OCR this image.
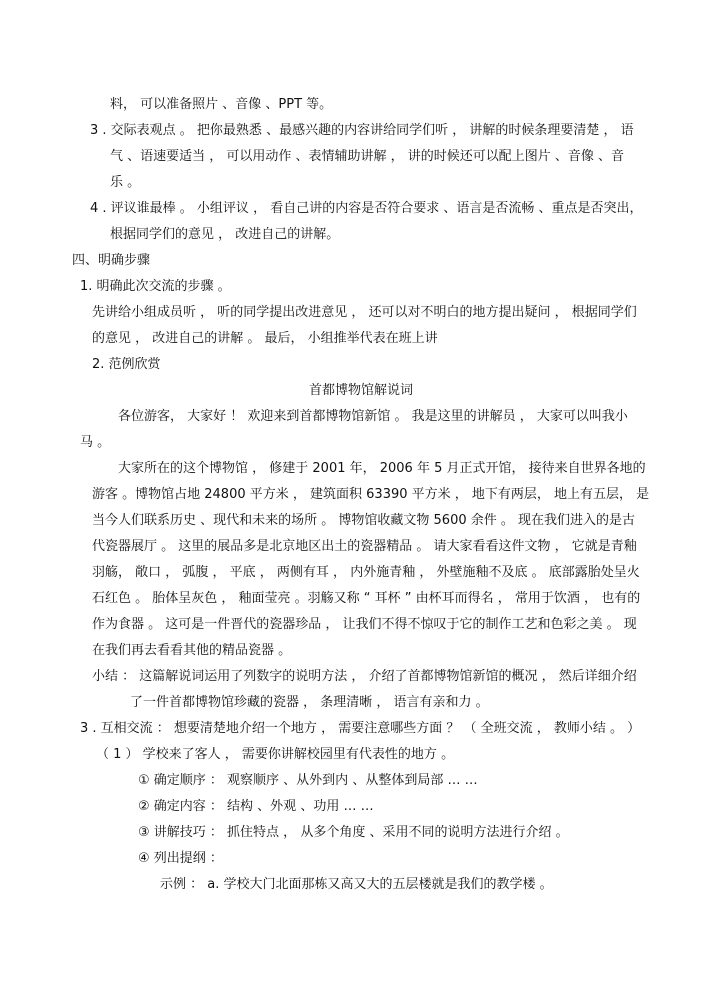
料， 可以准备照片 、音像 、PPT 等。
3 . 交际表观点 。 把你最熟悉 、最感兴趣的内容讲给同学们听 ， 讲解的时候条理要清楚 ， 语
气 、语速要适当 ， 可以用动作 、表情辅助讲解 ， 讲的时候还可以配上图片 、音像 、音
乐 。
4 . 评议谁最棒 。 小组评议 ， 看自己讲的内容是否符合要求 、语言是否流畅 、重点是否突出，
根据同学们的意见 ， 改进自己的讲解。
四、明确步骤
1. 明确此次交流的步骤 。
先讲给小组成员听 ， 听的同学提出改进意见 ， 还可以对不明白的地方提出疑问 ， 根据同学们
的意见 ， 改进自己的讲解 。 最后， 小组推举代表在班上讲
2. 范例欣赏
首都博物馆解说词
各位游客， 大家好 ！ 欢迎来到首都博物馆新馆 。 我是这里的讲解员 ， 大家可以叫我小
马 。
大家所在的这个博物馆 ， 修建于 2001 年， 2006 年 5 月正式开馆， 接待来自世界各地的
游客 。博物馆占地 24800 平方米 ， 建筑面积 63390 平方米 ， 地下有两层， 地上有五层， 是
当今人们联系历史 、现代和未来的场所 。 博物馆收藏文物 5600 余件 。 现在我们进入的是古
代瓷器展厅 。 这里的展品多是北京地区出土的瓷器精品 。 请大家看看这件文物 ， 它就是青釉
羽觞， 敞口 ， 弧腹 ， 平底 ， 两侧有耳 ， 内外施青釉 ， 外壁施釉不及底 。 底部露胎处呈火
石红色 。 胎体呈灰色 ， 釉面莹亮 。羽觞又称 “ 耳杯 ” 由杯耳而得名 ， 常用于饮酒 ， 也有的
作为食器 。 这可是一件晋代的瓷器珍品 ， 让我们不得不惊叹于它的制作工艺和色彩之美 。 现
在我们再去看看其他的精品瓷器 。
小结 ： 这篇解说词运用了列数字的说明方法 ， 介绍了首都博物馆新馆的概况 ， 然后详细介绍
了一件首都博物馆珍藏的瓷器 ， 条理清晰 ， 语言有亲和力 。
3 . 互相交流 ： 想要清楚地介绍一个地方 ， 需要注意哪些方面 ？ （ 全班交流 ， 教师小结 。 ）
（ 1 ） 学校来了客人 ， 需要你讲解校园里有代表性的地方 。
① 确定顺序 ： 观察顺序 、从外到内 、从整体到局部 … …
② 确定内容 ： 结构 、外观 、功用 … …
③ 讲解技巧 ： 抓住特点 ， 从多个角度 、采用不同的说明方法进行介绍 。
④ 列出提纲 ：
示例 ： a. 学校大门北面那栋又高又大的五层楼就是我们的教学楼 。
